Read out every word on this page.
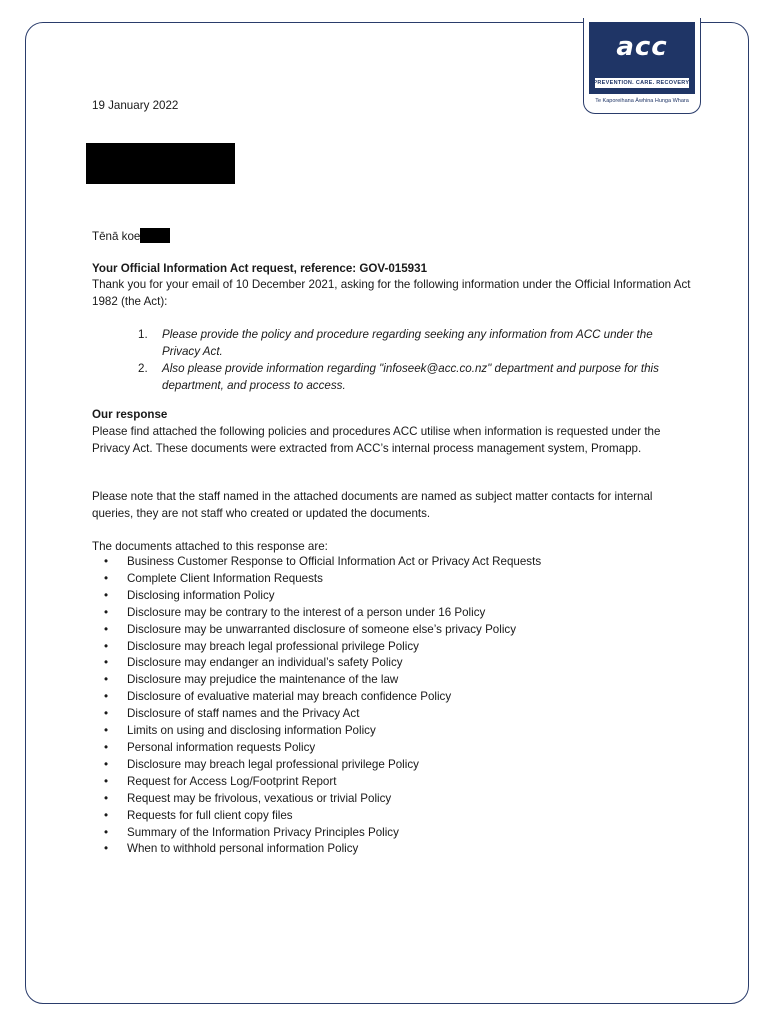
acc
PREVENTION. CARE. RECOVERY.
Te Kaporeihana Āwhina Hunga Whara
19 January 2022
Tēnā koe
Your Official Information Act request, reference: GOV-015931
Thank you for your email of 10 December 2021, asking for the following information under the Official Information Act 1982 (the Act):
1. Please provide the policy and procedure regarding seeking any information from ACC under the Privacy Act.
2. Also please provide information regarding "infoseek@acc.co.nz" department and purpose for this department, and process to access.
Our response
Please find attached the following policies and procedures ACC utilise when information is requested under the Privacy Act. These documents were extracted from ACC’s internal process management system, Promapp.
Please note that the staff named in the attached documents are named as subject matter contacts for internal queries, they are not staff who created or updated the documents.
The documents attached to this response are:
• Business Customer Response to Official Information Act or Privacy Act Requests
• Complete Client Information Requests
• Disclosing information Policy
• Disclosure may be contrary to the interest of a person under 16 Policy
• Disclosure may be unwarranted disclosure of someone else’s privacy Policy
• Disclosure may breach legal professional privilege Policy
• Disclosure may endanger an individual’s safety Policy
• Disclosure may prejudice the maintenance of the law
• Disclosure of evaluative material may breach confidence Policy
• Disclosure of staff names and the Privacy Act
• Limits on using and disclosing information Policy
• Personal information requests Policy
• Disclosure may breach legal professional privilege Policy
• Request for Access Log/Footprint Report
• Request may be frivolous, vexatious or trivial Policy
• Requests for full client copy files
• Summary of the Information Privacy Principles Policy
• When to withhold personal information Policy
